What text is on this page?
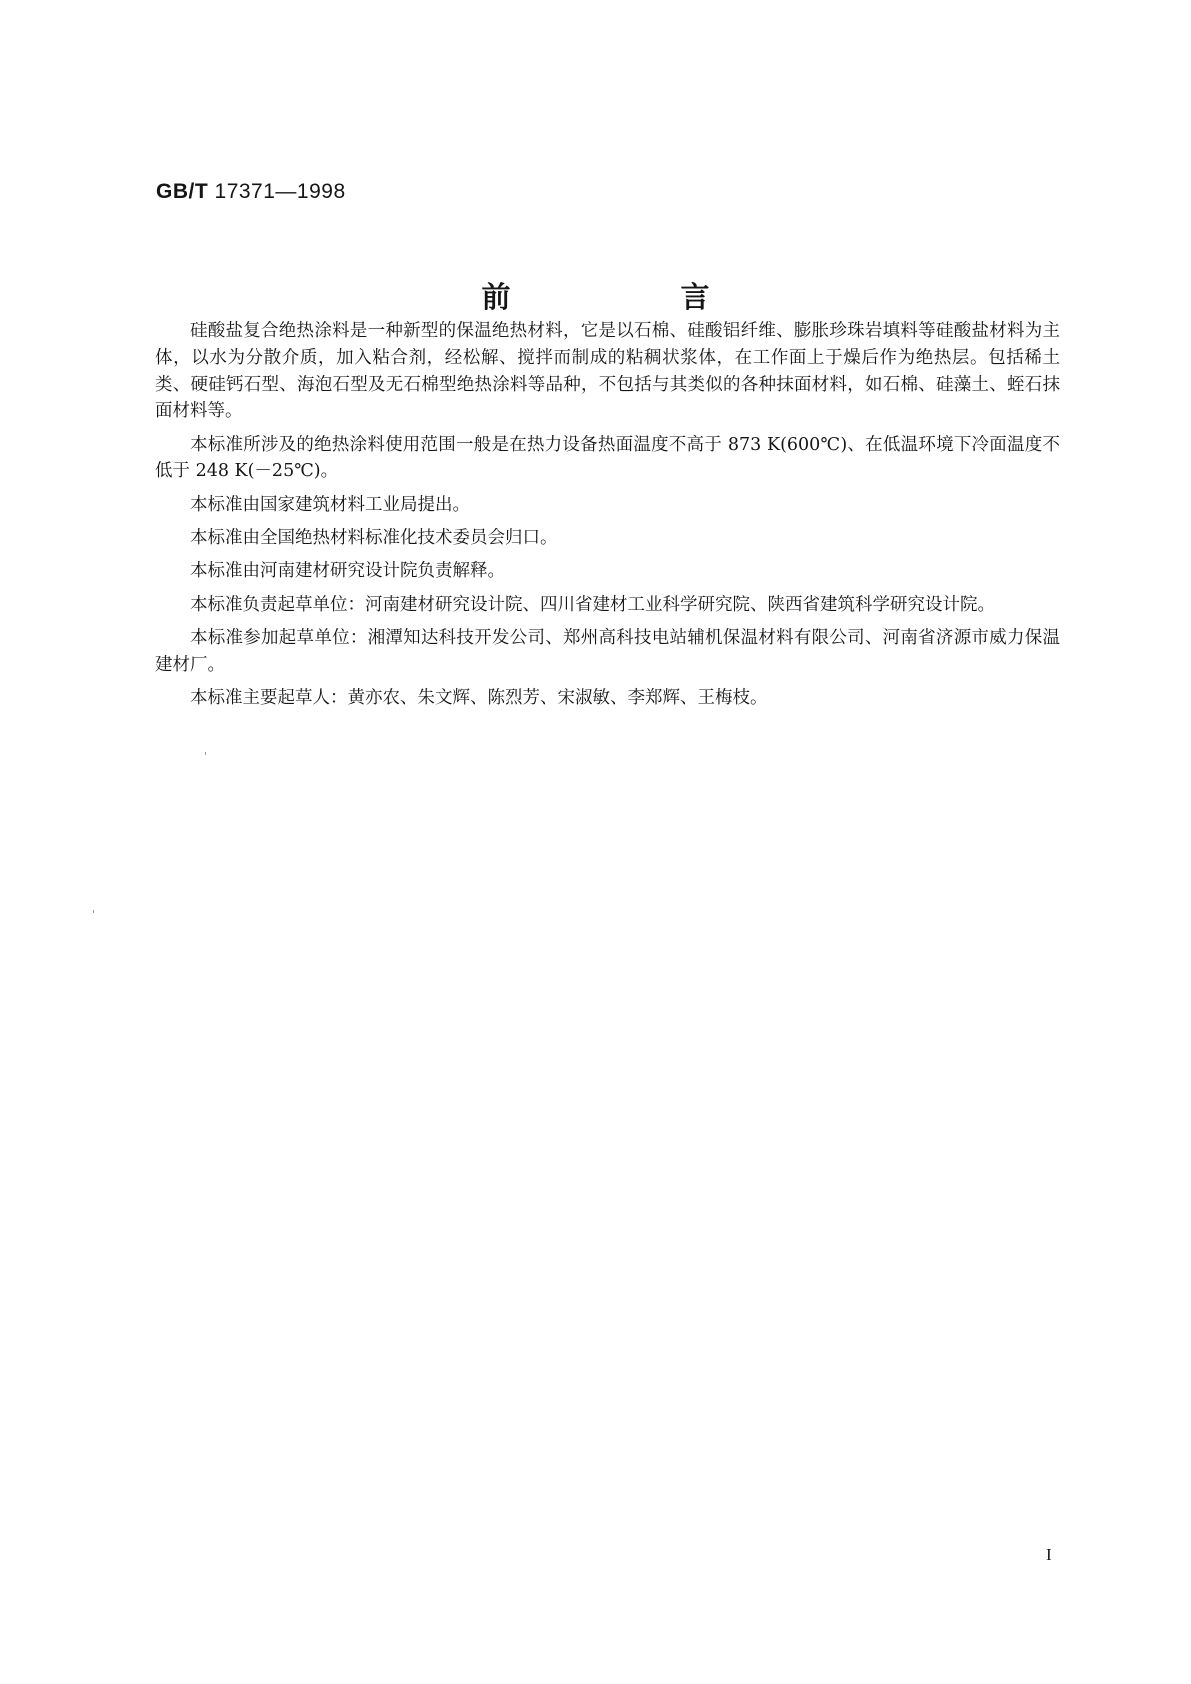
GB/T 17371—1998
前 言

硅酸盐复合绝热涂料是一种新型的保温绝热材料，它是以石棉、硅酸铝纤维、膨胀珍珠岩填料等硅酸盐材料为主体，以水为分散介质，加入粘合剂，经松解、搅拌而制成的粘稠状浆体，在工作面上于燥后作为绝热层。包括稀土类、硬硅钙石型、海泡石型及无石棉型绝热涂料等品种，不包括与其类似的各种抹面材料，如石棉、硅藻土、蛭石抹面材料等。

本标准所涉及的绝热涂料使用范围一般是在热力设备热面温度不高于 873 K(600℃)、在低温环境下冷面温度不低于 248 K(－25℃)。

本标准由国家建筑材料工业局提出。

本标准由全国绝热材料标准化技术委员会归口。

本标准由河南建材研究设计院负责解释。

本标准负责起草单位：河南建材研究设计院、四川省建材工业科学研究院、陕西省建筑科学研究设计院。

本标准参加起草单位：湘潭知达科技开发公司、郑州高科技电站辅机保温材料有限公司、河南省济源市威力保温建材厂。

本标准主要起草人：黄亦农、朱文辉、陈烈芳、宋淑敏、李郑辉、王梅枝。

I
